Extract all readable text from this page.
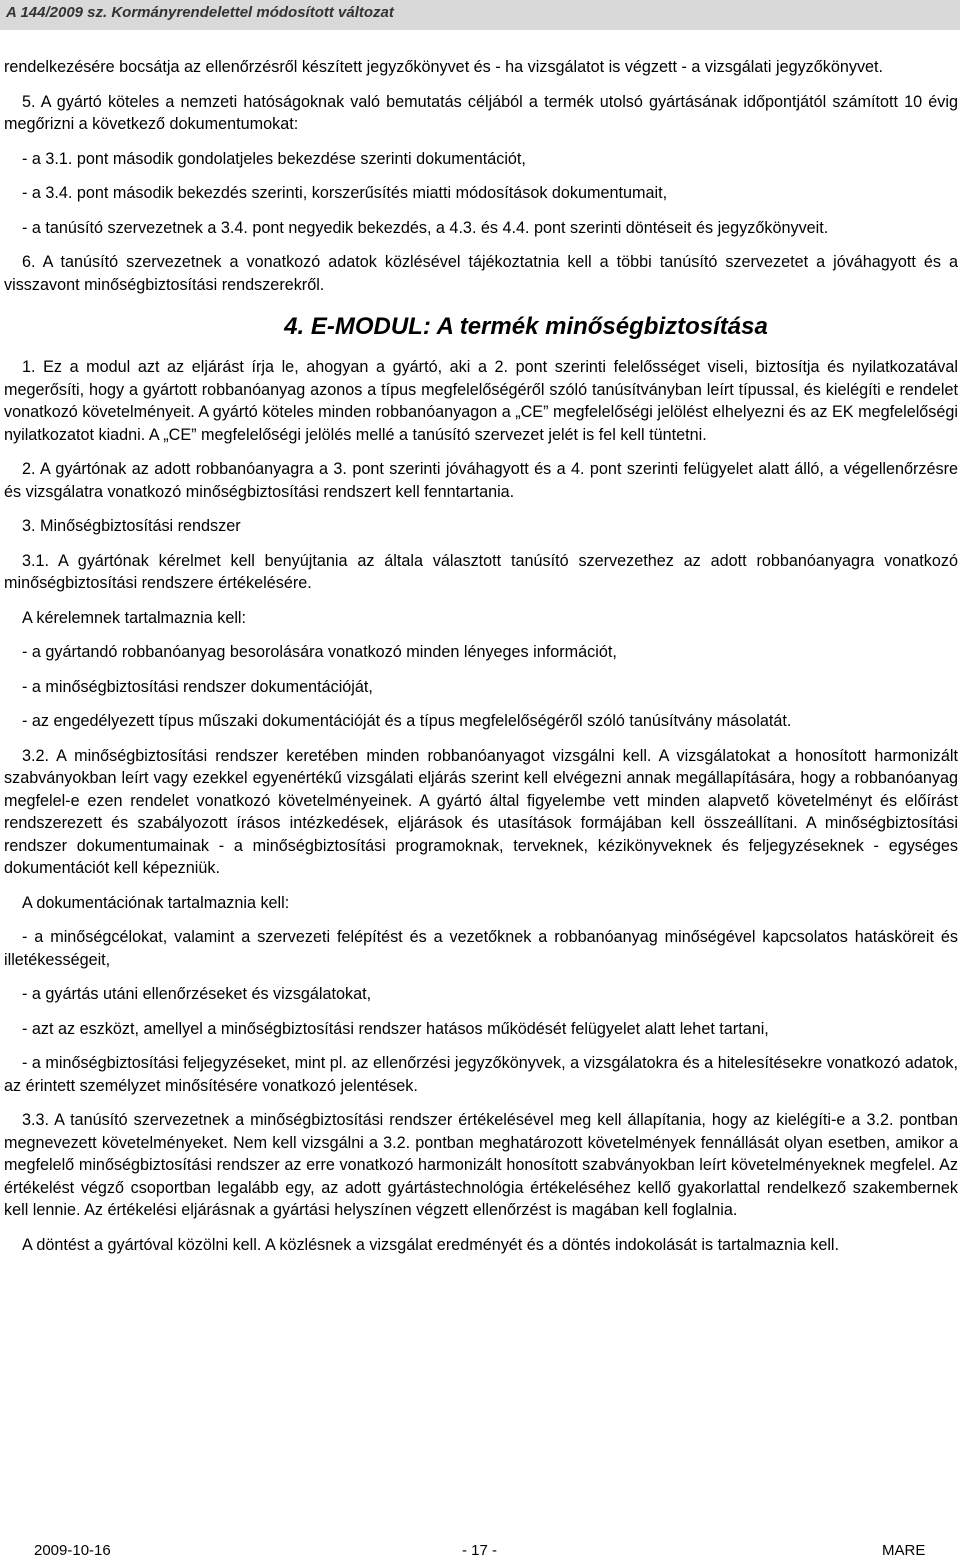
A 144/2009 sz. Kormányrendelettel módosított változat

rendelkezésére bocsátja az ellenőrzésről készített jegyzőkönyvet és - ha vizsgálatot is végzett - a vizsgálati jegyzőkönyvet.

5. A gyártó köteles a nemzeti hatóságoknak való bemutatás céljából a termék utolsó gyártásának időpontjától számított 10 évig megőrizni a következő dokumentumokat:

- a 3.1. pont második gondolatjeles bekezdése szerinti dokumentációt,

- a 3.4. pont második bekezdés szerinti, korszerűsítés miatti módosítások dokumentumait,

- a tanúsító szervezetnek a 3.4. pont negyedik bekezdés, a 4.3. és 4.4. pont szerinti döntéseit és jegyzőkönyveit.

6. A tanúsító szervezetnek a vonatkozó adatok közlésével tájékoztatnia kell a többi tanúsító szervezetet a jóváhagyott és a visszavont minőségbiztosítási rendszerekről.

4. E-MODUL: A termék minőségbiztosítása

1. Ez a modul azt az eljárást írja le, ahogyan a gyártó, aki a 2. pont szerinti felelősséget viseli, biztosítja és nyilatkozatával megerősíti, hogy a gyártott robbanóanyag azonos a típus megfelelőségéről szóló tanúsítványban leírt típussal, és kielégíti e rendelet vonatkozó követelményeit. A gyártó köteles minden robbanóanyagon a „CE” megfelelőségi jelölést elhelyezni és az EK megfelelőségi nyilatkozatot kiadni. A „CE” megfelelőségi jelölés mellé a tanúsító szervezet jelét is fel kell tüntetni.

2. A gyártónak az adott robbanóanyagra a 3. pont szerinti jóváhagyott és a 4. pont szerinti felügyelet alatt álló, a végellenőrzésre és vizsgálatra vonatkozó minőségbiztosítási rendszert kell fenntartania.

3. Minőségbiztosítási rendszer

3.1. A gyártónak kérelmet kell benyújtania az általa választott tanúsító szervezethez az adott robbanóanyagra vonatkozó minőségbiztosítási rendszere értékelésére.

A kérelemnek tartalmaznia kell:

- a gyártandó robbanóanyag besorolására vonatkozó minden lényeges információt,

- a minőségbiztosítási rendszer dokumentációját,

- az engedélyezett típus műszaki dokumentációját és a típus megfelelőségéről szóló tanúsítvány másolatát.

3.2. A minőségbiztosítási rendszer keretében minden robbanóanyagot vizsgálni kell. A vizsgálatokat a honosított harmonizált szabványokban leírt vagy ezekkel egyenértékű vizsgálati eljárás szerint kell elvégezni annak megállapítására, hogy a robbanóanyag megfelel-e ezen rendelet vonatkozó követelményeinek. A gyártó által figyelembe vett minden alapvető követelményt és előírást rendszerezett és szabályozott írásos intézkedések, eljárások és utasítások formájában kell összeállítani. A minőségbiztosítási rendszer dokumentumainak - a minőségbiztosítási programoknak, terveknek, kézikönyveknek és feljegyzéseknek - egységes dokumentációt kell képezniük.

A dokumentációnak tartalmaznia kell:

- a minőségcélokat, valamint a szervezeti felépítést és a vezetőknek a robbanóanyag minőségével kapcsolatos hatásköreit és illetékességeit,

- a gyártás utáni ellenőrzéseket és vizsgálatokat,

- azt az eszközt, amellyel a minőségbiztosítási rendszer hatásos működését felügyelet alatt lehet tartani,

- a minőségbiztosítási feljegyzéseket, mint pl. az ellenőrzési jegyzőkönyvek, a vizsgálatokra és a hitelesítésekre vonatkozó adatok, az érintett személyzet minősítésére vonatkozó jelentések.

3.3. A tanúsító szervezetnek a minőségbiztosítási rendszer értékelésével meg kell állapítania, hogy az kielégíti-e a 3.2. pontban megnevezett követelményeket. Nem kell vizsgálni a 3.2. pontban meghatározott követelmények fennállását olyan esetben, amikor a megfelelő minőségbiztosítási rendszer az erre vonatkozó harmonizált honosított szabványokban leírt követelményeknek megfelel. Az értékelést végző csoportban legalább egy, az adott gyártástechnológia értékeléséhez kellő gyakorlattal rendelkező szakembernek kell lennie. Az értékelési eljárásnak a gyártási helyszínen végzett ellenőrzést is magában kell foglalnia.

A döntést a gyártóval közölni kell. A közlésnek a vizsgálat eredményét és a döntés indokolását is tartalmaznia kell.

2009-10-16	- 17 -	MARE
